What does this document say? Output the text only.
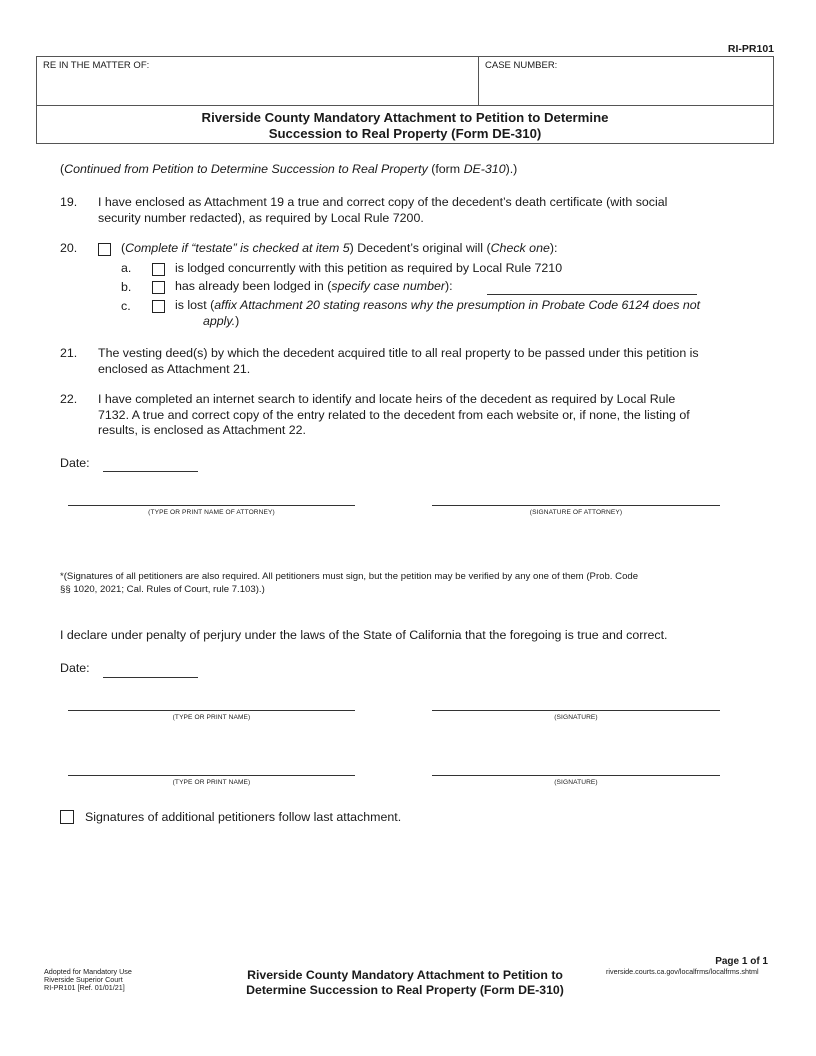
RI-PR101
RE IN THE MATTER OF:	CASE NUMBER:
Riverside County Mandatory Attachment to Petition to Determine
Succession to Real Property (Form DE-310)
(Continued from Petition to Determine Succession to Real Property (form DE-310).)
19. I have enclosed as Attachment 19 a true and correct copy of the decedent’s death certificate (with social
security number redacted), as required by Local Rule 7200.
20.	(Complete if “testate” is checked at item 5) Decedent’s original will (Check one):
a.	is lodged concurrently with this petition as required by Local Rule 7210
b.	has already been lodged in (specify case number):
c.	is lost (affix Attachment 20 stating reasons why the presumption in Probate Code 6124 does not
apply.)
21. The vesting deed(s) by which the decedent acquired title to all real property to be passed under this petition is
enclosed as Attachment 21.
22. I have completed an internet search to identify and locate heirs of the decedent as required by Local Rule
7132. A true and correct copy of the entry related to the decedent from each website or, if none, the listing of
results, is enclosed as Attachment 22.
Date:
(TYPE OR PRINT NAME OF ATTORNEY)	(SIGNATURE OF ATTORNEY)
*(Signatures of all petitioners are also required. All petitioners must sign, but the petition may be verified by any one of them (Prob. Code
§§ 1020, 2021; Cal. Rules of Court, rule 7.103).)
I declare under penalty of perjury under the laws of the State of California that the foregoing is true and correct.
Date:
(TYPE OR PRINT NAME)	(SIGNATURE)
(TYPE OR PRINT NAME)	(SIGNATURE)
Signatures of additional petitioners follow last attachment.
Page 1 of 1
Adopted for Mandatory Use
Riverside Superior Court
RI-PR101 [Ref. 01/01/21]
Riverside County Mandatory Attachment to Petition to
Determine Succession to Real Property (Form DE-310)
riverside.courts.ca.gov/localfrms/localfrms.shtml
